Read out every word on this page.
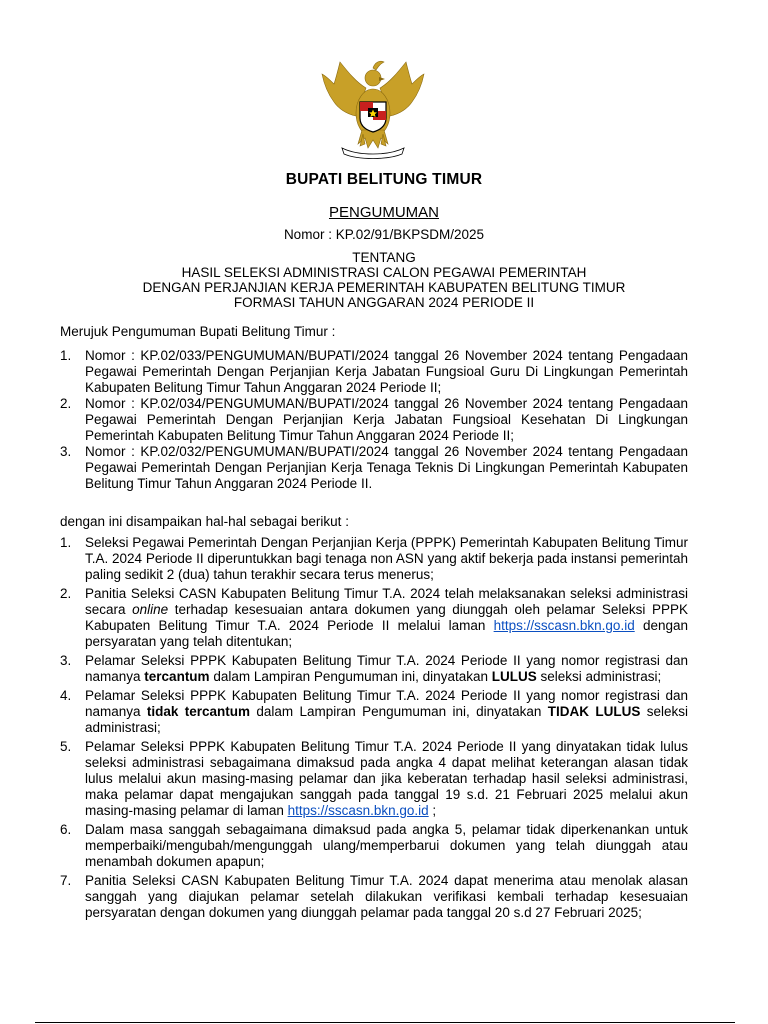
BUPATI BELITUNG TIMUR
PENGUMUMAN
Nomor : KP.02/91/BKPSDM/2025
TENTANG
HASIL SELEKSI ADMINISTRASI CALON PEGAWAI PEMERINTAH
DENGAN PERJANJIAN KERJA PEMERINTAH KABUPATEN BELITUNG TIMUR
FORMASI TAHUN ANGGARAN 2024 PERIODE II
Merujuk Pengumuman Bupati Belitung Timur :
1. Nomor : KP.02/033/PENGUMUMAN/BUPATI/2024 tanggal 26 November 2024 tentang Pengadaan Pegawai Pemerintah Dengan Perjanjian Kerja Jabatan Fungsioal Guru Di Lingkungan Pemerintah Kabupaten Belitung Timur Tahun Anggaran 2024 Periode II;
2. Nomor : KP.02/034/PENGUMUMAN/BUPATI/2024 tanggal 26 November 2024 tentang Pengadaan Pegawai Pemerintah Dengan Perjanjian Kerja Jabatan Fungsioal Kesehatan Di Lingkungan Pemerintah Kabupaten Belitung Timur Tahun Anggaran 2024 Periode II;
3. Nomor : KP.02/032/PENGUMUMAN/BUPATI/2024 tanggal 26 November 2024 tentang Pengadaan Pegawai Pemerintah Dengan Perjanjian Kerja Tenaga Teknis Di Lingkungan Pemerintah Kabupaten Belitung Timur Tahun Anggaran 2024 Periode II.
dengan ini disampaikan hal-hal sebagai berikut :
1. Seleksi Pegawai Pemerintah Dengan Perjanjian Kerja (PPPK) Pemerintah Kabupaten Belitung Timur T.A. 2024 Periode II diperuntukkan bagi tenaga non ASN yang aktif bekerja pada instansi pemerintah paling sedikit 2 (dua) tahun terakhir secara terus menerus;
2. Panitia Seleksi CASN Kabupaten Belitung Timur T.A. 2024 telah melaksanakan seleksi administrasi secara online terhadap kesesuaian antara dokumen yang diunggah oleh pelamar Seleksi PPPK Kabupaten Belitung Timur T.A. 2024 Periode II melalui laman https://sscasn.bkn.go.id dengan persyaratan yang telah ditentukan;
3. Pelamar Seleksi PPPK Kabupaten Belitung Timur T.A. 2024 Periode II yang nomor registrasi dan namanya tercantum dalam Lampiran Pengumuman ini, dinyatakan LULUS seleksi administrasi;
4. Pelamar Seleksi PPPK Kabupaten Belitung Timur T.A. 2024 Periode II yang nomor registrasi dan namanya tidak tercantum dalam Lampiran Pengumuman ini, dinyatakan TIDAK LULUS seleksi administrasi;
5. Pelamar Seleksi PPPK Kabupaten Belitung Timur T.A. 2024 Periode II yang dinyatakan tidak lulus seleksi administrasi sebagaimana dimaksud pada angka 4 dapat melihat keterangan alasan tidak lulus melalui akun masing-masing pelamar dan jika keberatan terhadap hasil seleksi administrasi, maka pelamar dapat mengajukan sanggah pada tanggal 19 s.d. 21 Februari 2025 melalui akun masing-masing pelamar di laman https://sscasn.bkn.go.id ;
6. Dalam masa sanggah sebagaimana dimaksud pada angka 5, pelamar tidak diperkenankan untuk memperbaiki/mengubah/mengunggah ulang/memperbarui dokumen yang telah diunggah atau menambah dokumen apapun;
7. Panitia Seleksi CASN Kabupaten Belitung Timur T.A. 2024 dapat menerima atau menolak alasan sanggah yang diajukan pelamar setelah dilakukan verifikasi kembali terhadap kesesuaian persyaratan dengan dokumen yang diunggah pelamar pada tanggal 20 s.d 27 Februari 2025;
